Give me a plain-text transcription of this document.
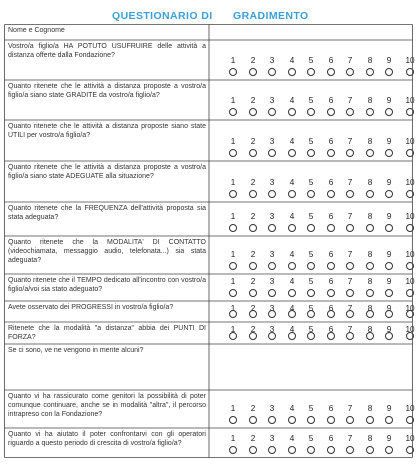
QUESTIONARIO DI GRADIMENTO
Nome e Cognome
Vostro/a figlio/a HA POTUTO USUFRUIRE delle attività a distanza offerte dalla Fondazione?
1	2	3	4	5	6	7	8	9	10
Quanto ritenete che le attività a distanza proposte a vostro/a figlio/a siano state GRADITE da vostro/a figlio/a?
1	2	3	4	5	6	7	8	9	10
Quanto ritenete che le attività a distanza proposte siano state UTILI per vostro/a figlio/a?
1	2	3	4	5	6	7	8	9	10
Quanto ritenete che le attività a distanza proposte a vostro/a figlio/a siano state ADEGUATE alla situazione?
1	2	3	4	5	6	7	8	9	10
Quanto ritenete che la FREQUENZA dell'attività proposta sia stata adeguata?	1	2	3	4	5	6	7	8	9	10
Quanto ritenete che la MODALITA' DI CONTATTO (videochiamata, messaggio audio, telefonata...) sia stata adeguata?
1	2	3	4	5	6	7	8	9	10
Quanto ritenete che il TEMPO dedicato all'incontro con vostro/a figlio/a/voi sia stato adeguato?
1	2	3	4	5	6	7	8	9	10
Avete osservato dei PROGRESSI in vostro/a figlio/a?	1	2	3	4	5	6	7	8	9	10
Ritenete che la modalità "a distanza" abbia dei PUNTI DI FORZA?
1	2	3	4	5	6	7	8	9	10
Se ci sono, ve ne vengono in mente alcuni?
Quanto vi ha rassicurato come genitori la possibilità di poter comunque continuare, anche se in modalità "altra", il percorso intrapreso con la Fondazione?
1	2	3	4	5	6	7	8	9	10
Quanto vi ha aiutato il poter confrontarvi con gli operatori riguardo a questo periodo di crescita di vostro/a figlio/a?
1	2	3	4	5	6	7	8	9	10
